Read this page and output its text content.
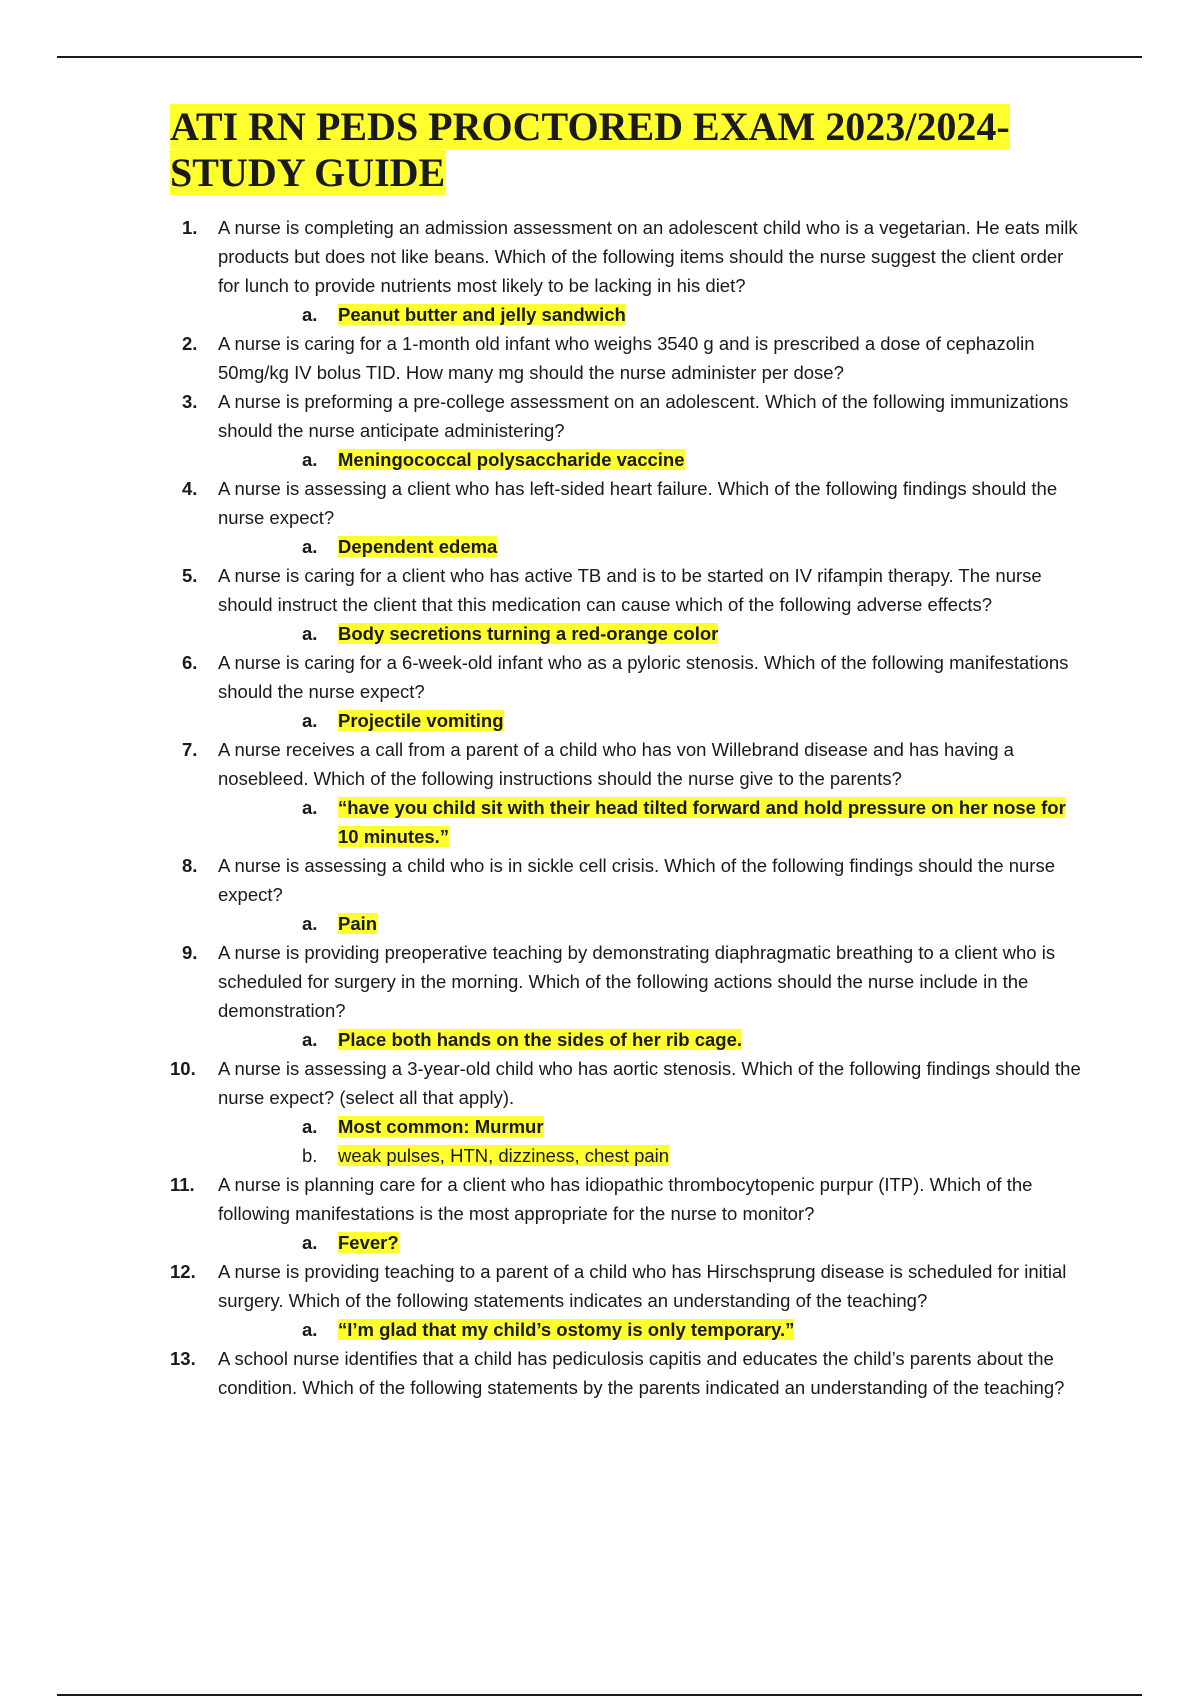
ATI RN PEDS PROCTORED EXAM 2023/2024-
STUDY GUIDE
1. A nurse is completing an admission assessment on an adolescent child who is a vegetarian. He eats milk products but does not like beans. Which of the following items should the nurse suggest the client order for lunch to provide nutrients most likely to be lacking in his diet?
a. Peanut butter and jelly sandwich
2. A nurse is caring for a 1-month old infant who weighs 3540 g and is prescribed a dose of cephazolin 50mg/kg IV bolus TID. How many mg should the nurse administer per dose?
3. A nurse is preforming a pre-college assessment on an adolescent. Which of the following immunizations should the nurse anticipate administering?
a. Meningococcal polysaccharide vaccine
4. A nurse is assessing a client who has left-sided heart failure. Which of the following findings should the nurse expect?
a. Dependent edema
5. A nurse is caring for a client who has active TB and is to be started on IV rifampin therapy. The nurse should instruct the client that this medication can cause which of the following adverse effects?
a. Body secretions turning a red-orange color
6. A nurse is caring for a 6-week-old infant who as a pyloric stenosis. Which of the following manifestations should the nurse expect?
a. Projectile vomiting
7. A nurse receives a call from a parent of a child who has von Willebrand disease and has having a nosebleed. Which of the following instructions should the nurse give to the parents?
a. “have you child sit with their head tilted forward and hold pressure on her nose for 10 minutes.”
8. A nurse is assessing a child who is in sickle cell crisis. Which of the following findings should the nurse expect?
a. Pain
9. A nurse is providing preoperative teaching by demonstrating diaphragmatic breathing to a client who is scheduled for surgery in the morning. Which of the following actions should the nurse include in the demonstration?
a. Place both hands on the sides of her rib cage.
10. A nurse is assessing a 3-year-old child who has aortic stenosis. Which of the following findings should the nurse expect? (select all that apply).
a. Most common: Murmur
b. weak pulses, HTN, dizziness, chest pain
11. A nurse is planning care for a client who has idiopathic thrombocytopenic purpur (ITP). Which of the following manifestations is the most appropriate for the nurse to monitor?
a. Fever?
12. A nurse is providing teaching to a parent of a child who has Hirschsprung disease is scheduled for initial surgery. Which of the following statements indicates an understanding of the teaching?
a. “I’m glad that my child’s ostomy is only temporary.”
13. A school nurse identifies that a child has pediculosis capitis and educates the child’s parents about the condition. Which of the following statements by the parents indicated an understanding of the teaching?
